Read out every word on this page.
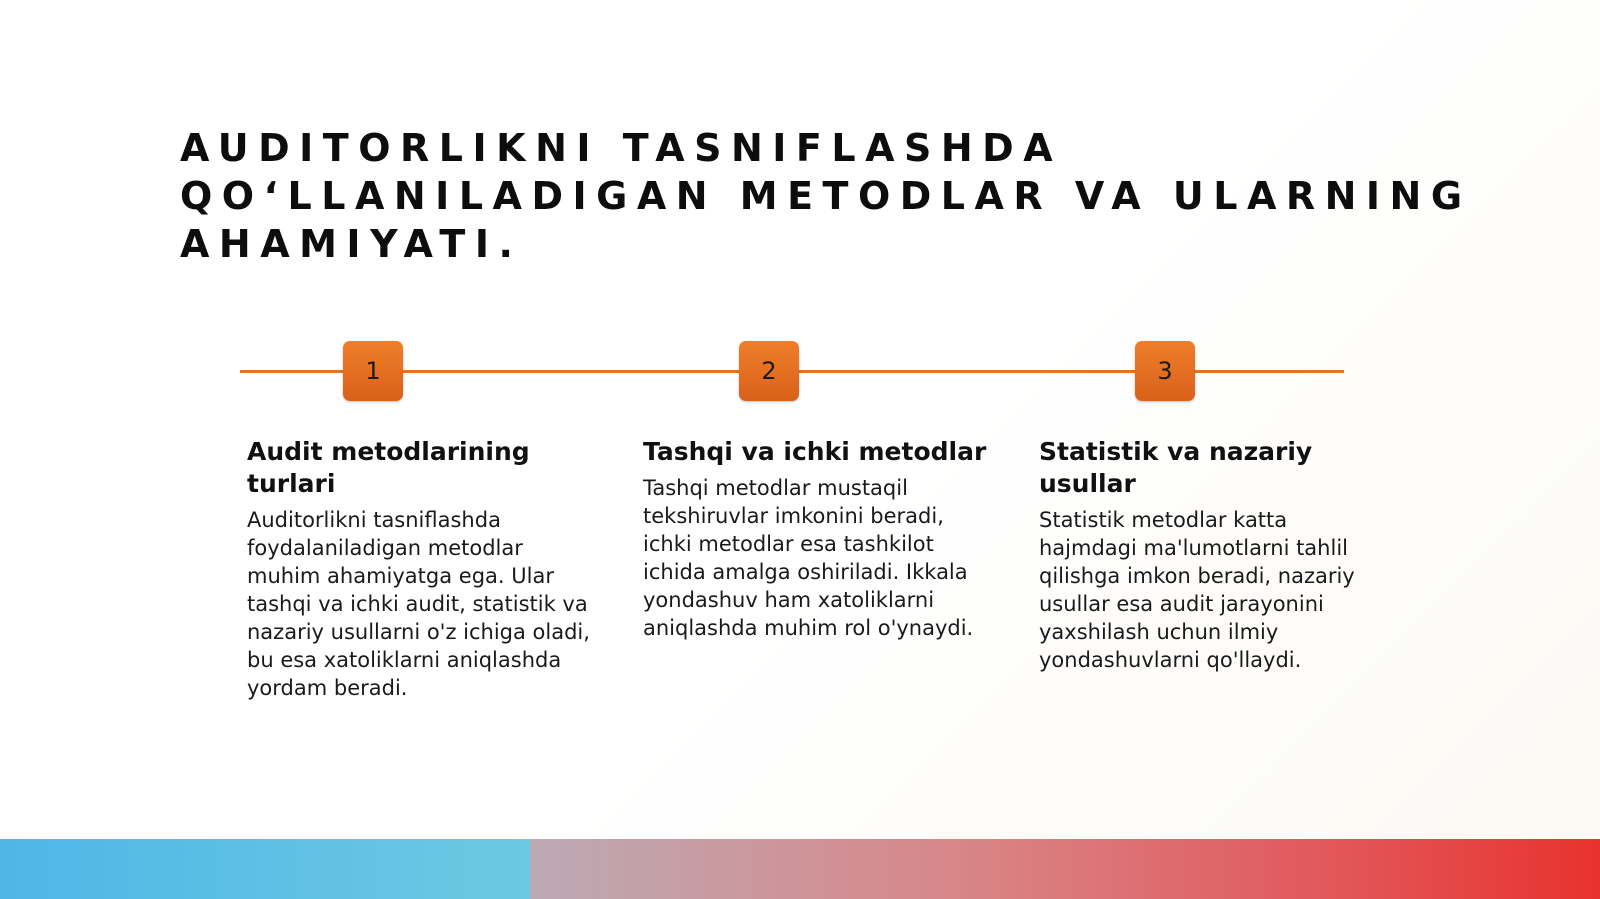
AUDITORLIKNI TASNIFLASHDA
QO‘LLANILADIGAN METODLAR VA ULARNING
AHAMIYATI.
1	2	3
Audit metodlarining turlari

Auditorlikni tasniflashda foydalaniladigan metodlar muhim ahamiyatga ega. Ular tashqi va ichki audit, statistik va nazariy usullarni o'z ichiga oladi, bu esa xatoliklarni aniqlashda yordam beradi.

Tashqi va ichki metodlar

Tashqi metodlar mustaqil tekshiruvlar imkonini beradi, ichki metodlar esa tashkilot ichida amalga oshiriladi. Ikkala yondashuv ham xatoliklarni aniqlashda muhim rol o'ynaydi.

Statistik va nazariy usullar

Statistik metodlar katta hajmdagi ma'lumotlarni tahlil qilishga imkon beradi, nazariy usullar esa audit jarayonini yaxshilash uchun ilmiy yondashuvlarni qo'llaydi.
